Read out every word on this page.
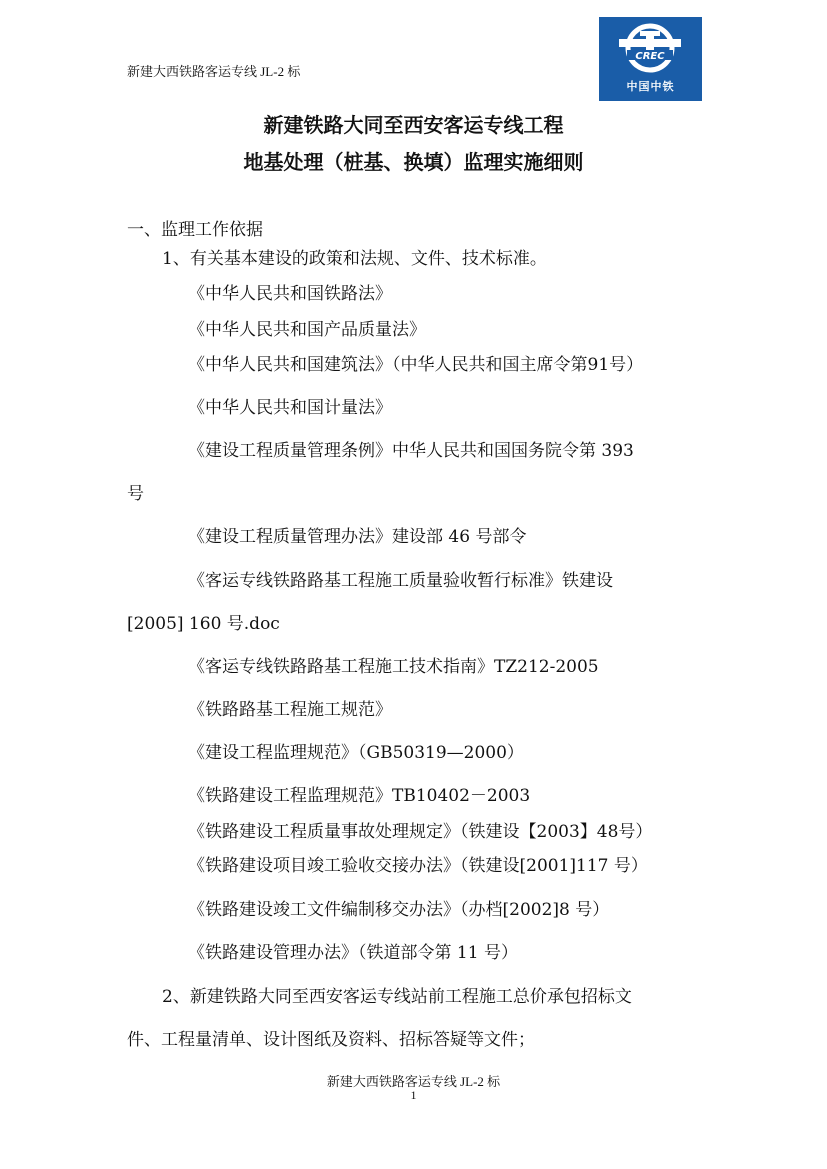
新建大西铁路客运专线 JL-2 标
CREC
中国中铁
新建铁路大同至西安客运专线工程
地基处理（桩基、换填）监理实施细则
一、监理工作依据
1、有关基本建设的政策和法规、文件、技术标准。
《中华人民共和国铁路法》
《中华人民共和国产品质量法》
《中华人民共和国建筑法》（中华人民共和国主席令第91号）
《中华人民共和国计量法》
《建设工程质量管理条例》中华人民共和国国务院令第 393
号
《建设工程质量管理办法》建设部 46 号部令
《客运专线铁路路基工程施工质量验收暂行标准》铁建设
[2005] 160 号.doc
《客运专线铁路路基工程施工技术指南》TZ212-2005
《铁路路基工程施工规范》
《建设工程监理规范》（GB50319—2000）
《铁路建设工程监理规范》TB10402－2003
《铁路建设工程质量事故处理规定》（铁建设【2003】48号）
《铁路建设项目竣工验收交接办法》（铁建设[2001]117 号）
《铁路建设竣工文件编制移交办法》（办档[2002]8 号）
《铁路建设管理办法》（铁道部令第 11 号）
2、新建铁路大同至西安客运专线站前工程施工总价承包招标文
件、工程量清单、设计图纸及资料、招标答疑等文件；
新建大西铁路客运专线 JL-2 标
1
